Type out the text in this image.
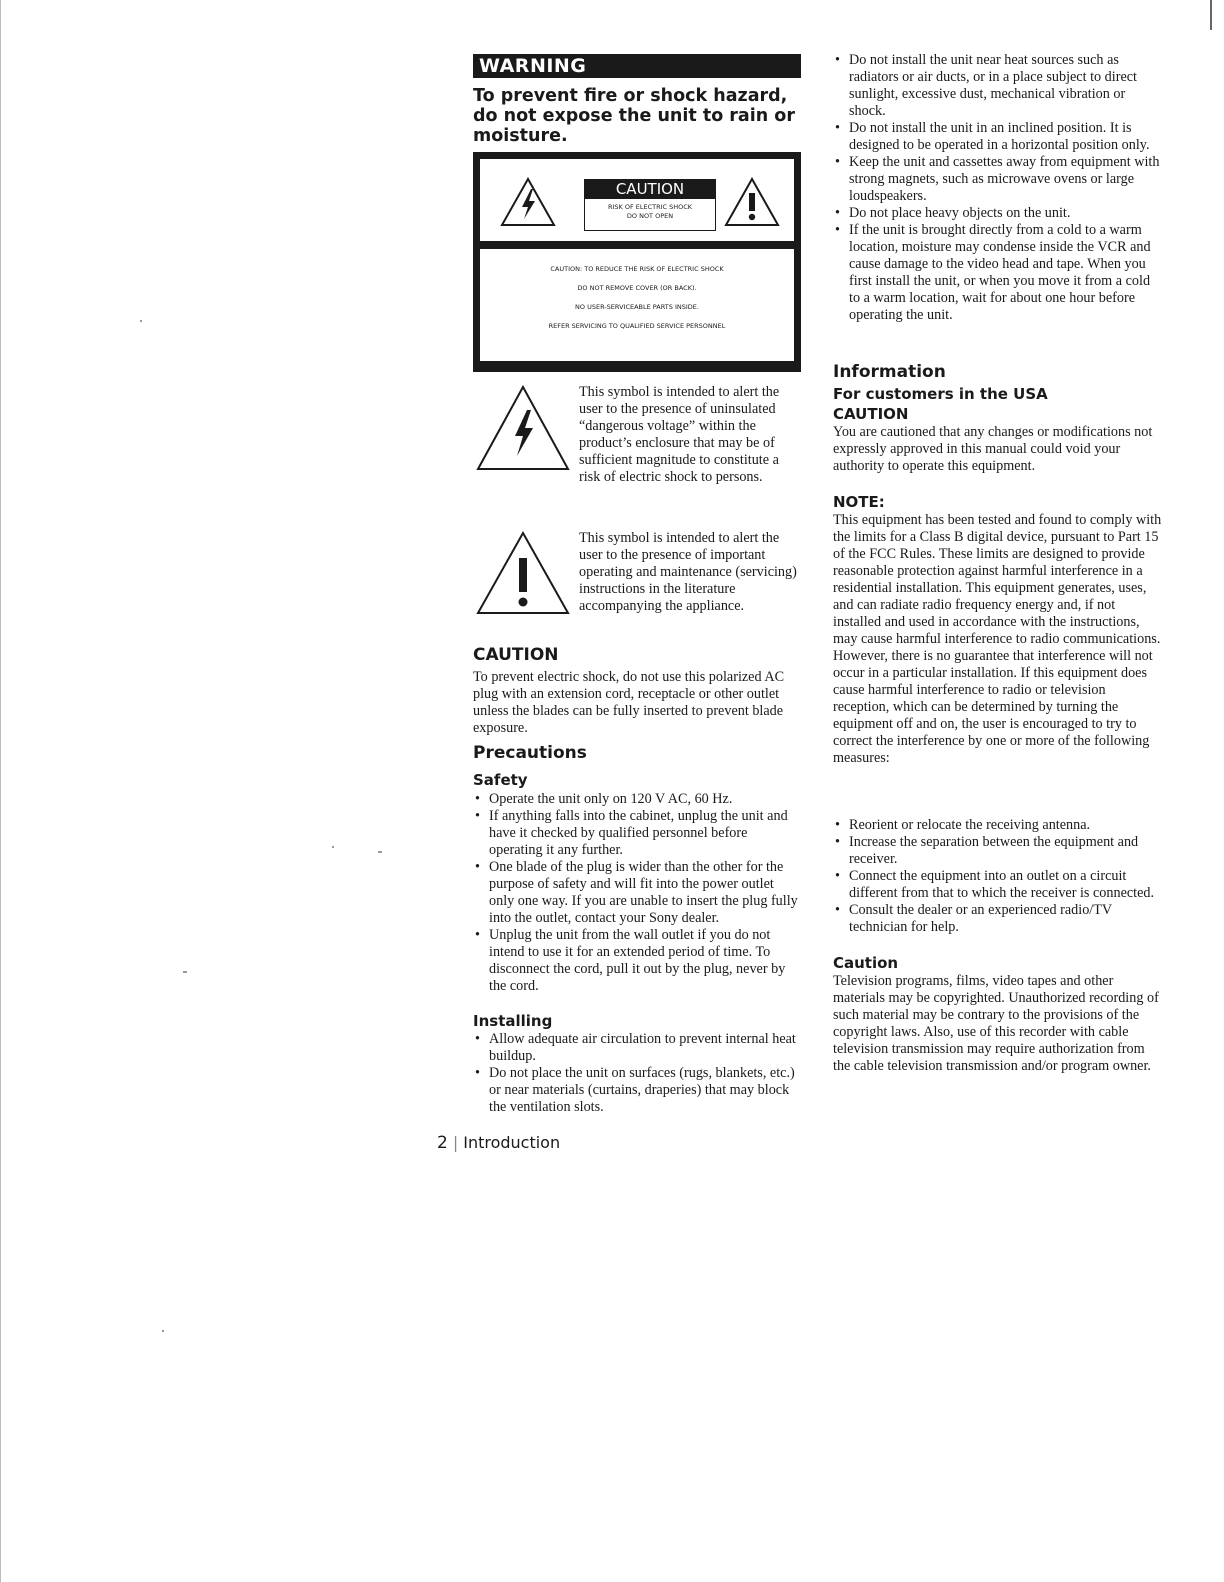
WARNING

To prevent fire or shock hazard, do not expose the unit to rain or moisture.

CAUTION
RISK OF ELECTRIC SHOCK
DO NOT OPEN
CAUTION: TO REDUCE THE RISK OF ELECTRIC SHOCK
DO NOT REMOVE COVER (OR BACK).
NO USER-SERVICEABLE PARTS INSIDE.
REFER SERVICING TO QUALIFIED SERVICE PERSONNEL
This symbol is intended to alert the user to the presence of uninsulated “dangerous voltage” within the product’s enclosure that may be of sufficient magnitude to constitute a risk of electric shock to persons.
This symbol is intended to alert the user to the presence of important operating and maintenance (servicing) instructions in the literature accompanying the appliance.
CAUTION

To prevent electric shock, do not use this polarized AC plug with an extension cord, receptacle or other outlet unless the blades can be fully inserted to prevent blade exposure.

Precautions
Safety
• Operate the unit only on 120 V AC, 60 Hz.
• If anything falls into the cabinet, unplug the unit and have it checked by qualified personnel before operating it any further.
• One blade of the plug is wider than the other for the purpose of safety and will fit into the power outlet only one way. If you are unable to insert the plug fully into the outlet, contact your Sony dealer.
• Unplug the unit from the wall outlet if you do not intend to use it for an extended period of time. To disconnect the cord, pull it out by the plug, never by the cord.
Installing
• Allow adequate air circulation to prevent internal heat buildup.
• Do not place the unit on surfaces (rugs, blankets, etc.) or near materials (curtains, draperies) that may block the ventilation slots.
• Do not install the unit near heat sources such as radiators or air ducts, or in a place subject to direct sunlight, excessive dust, mechanical vibration or shock.
• Do not install the unit in an inclined position. It is designed to be operated in a horizontal position only.
• Keep the unit and cassettes away from equipment with strong magnets, such as microwave ovens or large loudspeakers.
• Do not place heavy objects on the unit.
• If the unit is brought directly from a cold to a warm location, moisture may condense inside the VCR and cause damage to the video head and tape. When you first install the unit, or when you move it from a cold to a warm location, wait for about one hour before operating the unit.
Information
For customers in the USA
CAUTION

You are cautioned that any changes or modifications not expressly approved in this manual could void your authority to operate this equipment.

NOTE:

This equipment has been tested and found to comply with the limits for a Class B digital device, pursuant to Part 15 of the FCC Rules. These limits are designed to provide reasonable protection against harmful interference in a residential installation. This equipment generates, uses, and can radiate radio frequency energy and, if not installed and used in accordance with the instructions, may cause harmful interference to radio communications. However, there is no guarantee that interference will not occur in a particular installation. If this equipment does cause harmful interference to radio or television reception, which can be determined by turning the equipment off and on, the user is encouraged to try to correct the interference by one or more of the following measures:

• Reorient or relocate the receiving antenna.
• Increase the separation between the equipment and receiver.
• Connect the equipment into an outlet on a circuit different from that to which the receiver is connected.
• Consult the dealer or an experienced radio/TV technician for help.
Caution

Television programs, films, video tapes and other materials may be copyrighted. Unauthorized recording of such material may be contrary to the provisions of the copyright laws. Also, use of this recorder with cable television transmission may require authorization from the cable television transmission and/or program owner.

2 | Introduction
